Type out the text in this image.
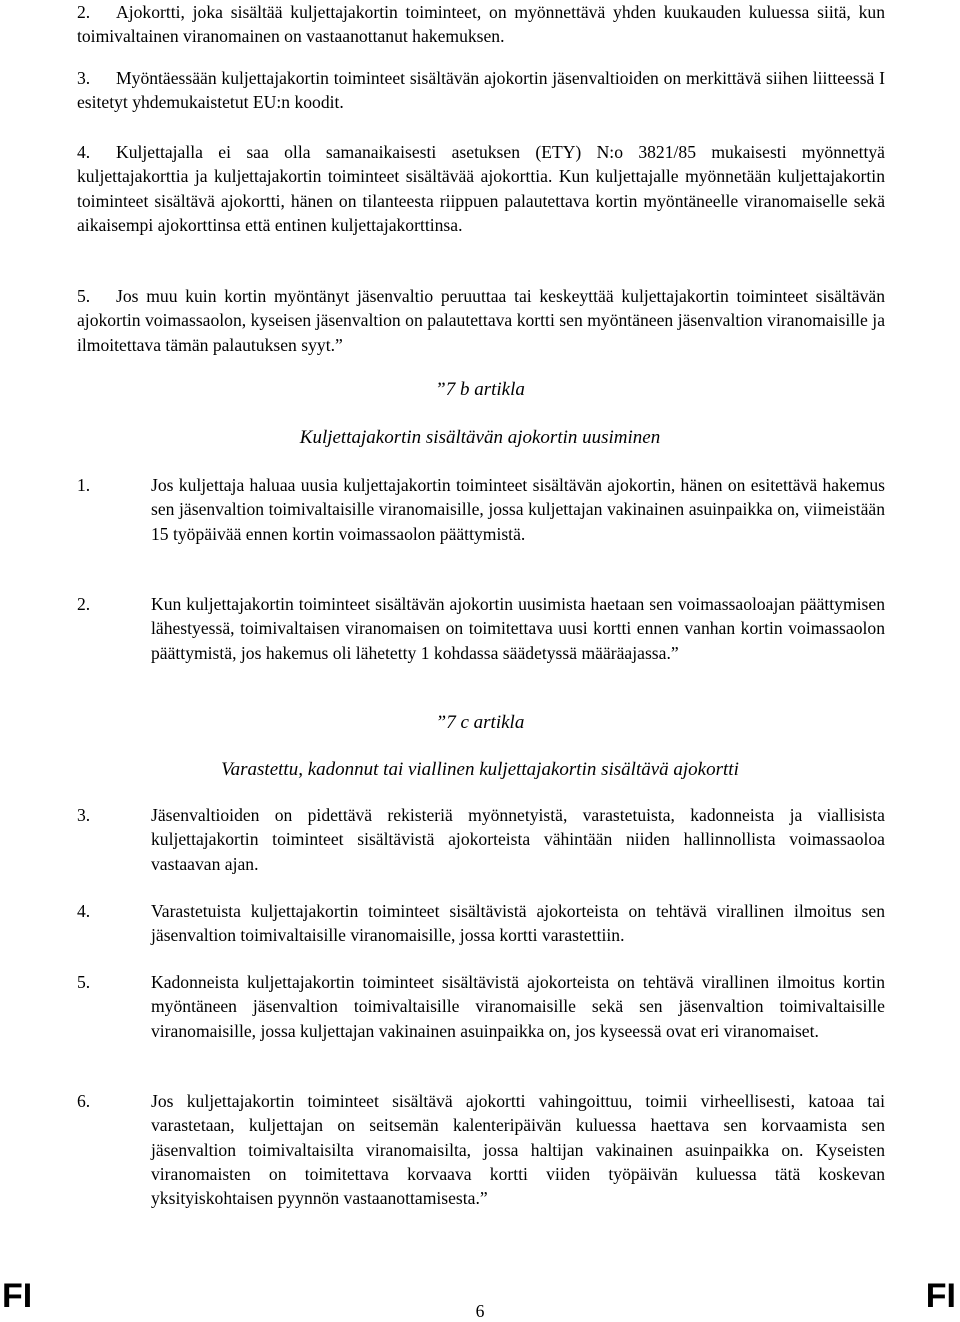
2. Ajokortti, joka sisältää kuljettajakortin toiminteet, on myönnettävä yhden kuukauden kuluessa siitä, kun toimivaltainen viranomainen on vastaanottanut hakemuksen.

3. Myöntäessään kuljettajakortin toiminteet sisältävän ajokortin jäsenvaltioiden on merkittävä siihen liitteessä I esitetyt yhdemukaistetut EU:n koodit.

4. Kuljettajalla ei saa olla samanaikaisesti asetuksen (ETY) N:o 3821/85 mukaisesti myönnettyä kuljettajakorttia ja kuljettajakortin toiminteet sisältävää ajokorttia. Kun kuljettajalle myönnetään kuljettajakortin toiminteet sisältävä ajokortti, hänen on tilanteesta riippuen palautettava kortin myöntäneelle viranomaiselle sekä aikaisempi ajokorttinsa että entinen kuljettajakorttinsa.

5. Jos muu kuin kortin myöntänyt jäsenvaltio peruuttaa tai keskeyttää kuljettajakortin toiminteet sisältävän ajokortin voimassaolon, kyseisen jäsenvaltion on palautettava kortti sen myöntäneen jäsenvaltion viranomaisille ja ilmoitettava tämän palautuksen syyt.”

”7 b artikla

Kuljettajakortin sisältävän ajokortin uusiminen

1.	Jos kuljettaja haluaa uusia kuljettajakortin toiminteet sisältävän ajokortin, hänen on esitettävä hakemus sen jäsenvaltion toimivaltaisille viranomaisille, jossa kuljettajan vakinainen asuinpaikka on, viimeistään 15 työpäivää ennen kortin voimassaolon päättymistä.

2.	Kun kuljettajakortin toiminteet sisältävän ajokortin uusimista haetaan sen voimassaoloajan päättymisen lähestyessä, toimivaltaisen viranomaisen on toimitettava uusi kortti ennen vanhan kortin voimassaolon päättymistä, jos hakemus oli lähetetty 1 kohdassa säädetyssä määräajassa.”

”7 c artikla

Varastettu, kadonnut tai viallinen kuljettajakortin sisältävä ajokortti

3.	Jäsenvaltioiden on pidettävä rekisteriä myönnetyistä, varastetuista, kadonneista ja viallisista kuljettajakortin toiminteet sisältävistä ajokorteista vähintään niiden hallinnollista voimassaoloa vastaavan ajan.

4.	Varastetuista kuljettajakortin toiminteet sisältävistä ajokorteista on tehtävä virallinen ilmoitus sen jäsenvaltion toimivaltaisille viranomaisille, jossa kortti varastettiin.

5.	Kadonneista kuljettajakortin toiminteet sisältävistä ajokorteista on tehtävä virallinen ilmoitus kortin myöntäneen jäsenvaltion toimivaltaisille viranomaisille sekä sen jäsenvaltion toimivaltaisille viranomaisille, jossa kuljettajan vakinainen asuinpaikka on, jos kyseessä ovat eri viranomaiset.

6.	Jos kuljettajakortin toiminteet sisältävä ajokortti vahingoittuu, toimii virheellisesti, katoaa tai varastetaan, kuljettajan on seitsemän kalenteripäivän kuluessa haettava sen korvaamista sen jäsenvaltion toimivaltaisilta viranomaisilta, jossa haltijan vakinainen asuinpaikka on. Kyseisten viranomaisten on toimitettava korvaava kortti viiden työpäivän kuluessa tätä koskevan yksityiskohtaisen pyynnön vastaanottamisesta.”

FI	6	FI
